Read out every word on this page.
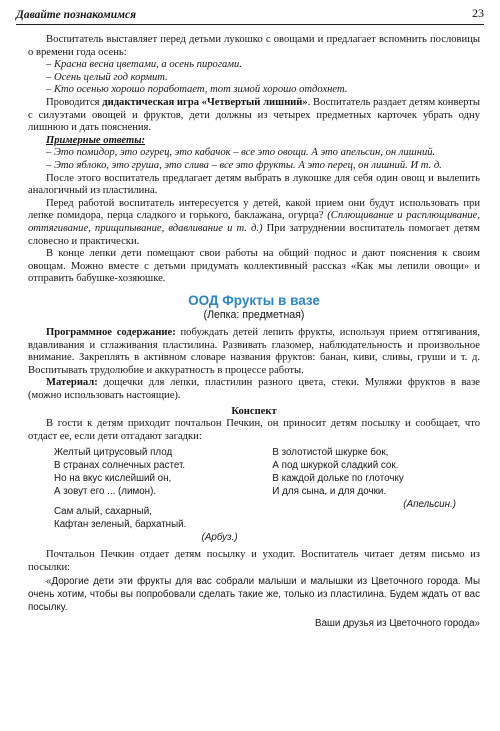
Давайте познакомимся	23

Воспитатель выставляет перед детьми лукошко с овощами и предлагает вспомнить пословицы о времени года осень:

– Красна весна цветами, а осень пирогами.

– Осень целый год кормит.

– Кто осенью хорошо поработает, тот зимой хорошо отдохнет.

Проводится дидактическая игра «Четвертый лишний». Воспитатель раздает детям конверты с силуэтами овощей и фруктов, дети должны из четырех предметных карточек убрать одну лишнюю и дать пояснения.

Примерные ответы:

– Это помидор, это огурец, это кабачок – все это овощи. А это апельсин, он лишний.

– Это яблоко, это груша, это слива – все это фрукты. А это перец, он лишний. И т. д.

После этого воспитатель предлагает детям выбрать в лукошке для себя один овощ и вылепить аналогичный из пластилина.

Перед работой воспитатель интересуется у детей, какой прием они будут использовать при лепке помидора, перца сладкого и горького, баклажана, огурца? (Сплющивание и расплющивание, оттягивание, прищипывание, вдавливание и т. д.) При затруднении воспитатель помогает детям словесно и практически.

В конце лепки дети помещают свои работы на общий поднос и дают пояснения к своим овощам. Можно вместе с детьми придумать коллективный рассказ «Как мы лепили овощи» и отправить бабушке-хозяюшке.

ООД Фрукты в вазе
(Лепка: предметная)

Программное содержание: побуждать детей лепить фрукты, используя прием оттягивания, вдавливания и сглаживания пластилина. Развивать глазомер, наблюдательность и произвольное внимание. Закреплять в активном словаре названия фруктов: банан, киви, сливы, груши и т. д. Воспитывать трудолюбие и аккуратность в процессе работы.

Материал: дощечки для лепки, пластилин разного цвета, стеки. Муляжи фруктов в вазе (можно использовать настоящие).

Конспект

В гости к детям приходит почтальон Печкин, он приносит детям посылку и сообщает, что отдаст ее, если дети отгадают загадки:

Желтый цитрусовый плод
В странах солнечных растет.
Но на вкус кислейший он,
А зовут его ... (лимон).
Сам алый, сахарный,
Кафтан зеленый, бархатный.
(Арбуз.)
В золотистой шкурке бок,
А под шкуркой сладкий сок.
В каждой дольке по глоточку
И для сына, и для дочки.
(Апельсин.)

Почтальон Печкин отдает детям посылку и уходит. Воспитатель читает детям письмо из посылки:

«Дорогие дети эти фрукты для вас собрали малыши и малышки из Цветочного города. Мы очень хотим, чтобы вы попробовали сделать такие же, только из пластилина. Будем ждать от вас посылку.

Ваши друзья из Цветочного города»
